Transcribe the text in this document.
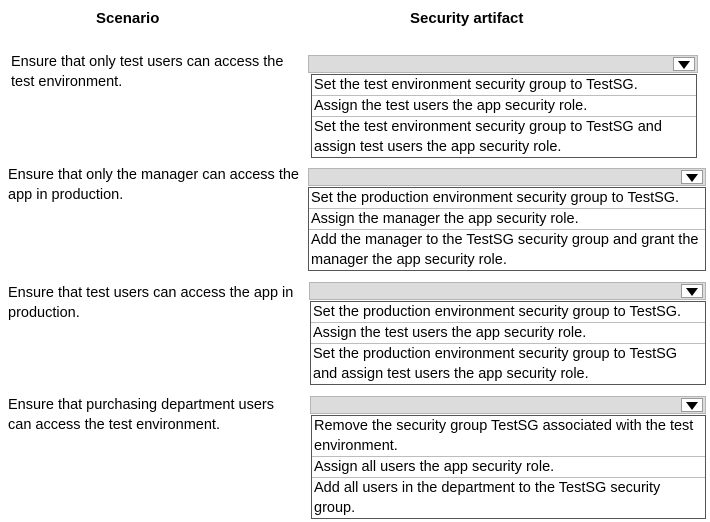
Scenario	Security artifact
Ensure that only test users can access the test environment.	Set the test environment security group to TestSG.
Assign the test users the app security role.
Set the test environment security group to TestSG and assign test users the app security role.
Ensure that only the manager can access the app in production.	Set the production environment security group to TestSG.
Assign the manager the app security role.
Add the manager to the TestSG security group and grant the manager the app security role.
Ensure that test users can access the app in production.	Set the production environment security group to TestSG.
Assign the test users the app security role.
Set the production environment security group to TestSG and assign test users the app security role.
Ensure that purchasing department users can access the test environment.	Remove the security group TestSG associated with the test environment.
Assign all users the app security role.
Add all users in the department to the TestSG security group.
